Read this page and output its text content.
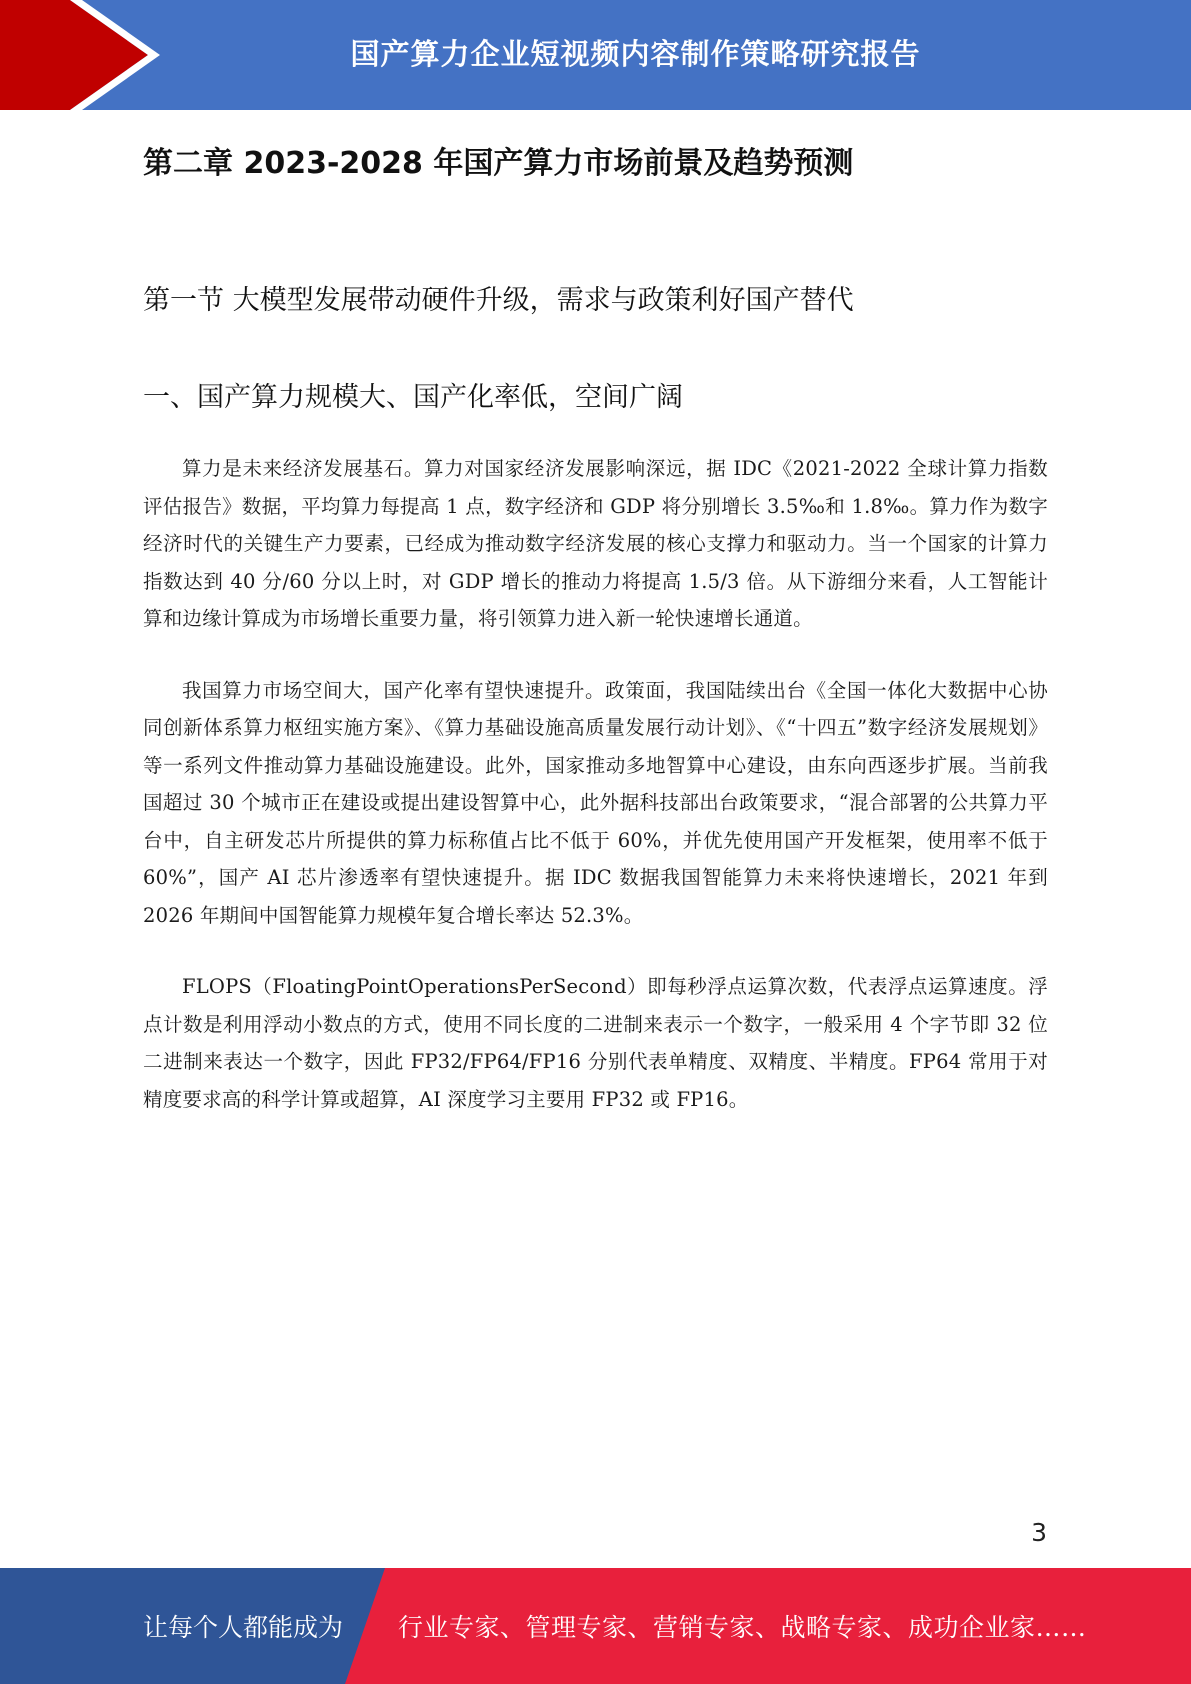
国产算力企业短视频内容制作策略研究报告
第二章 2023-2028 年国产算力市场前景及趋势预测
第一节 大模型发展带动硬件升级，需求与政策利好国产替代
一、国产算力规模大、国产化率低，空间广阔

算力是未来经济发展基石。算力对国家经济发展影响深远，据 IDC《2021-2022 全球计算力指数评估报告》数据，平均算力每提高 1 点，数字经济和 GDP 将分别增长 3.5‰和 1.8‰。算力作为数字经济时代的关键生产力要素，已经成为推动数字经济发展的核心支撑力和驱动力。当一个国家的计算力指数达到 40 分/60 分以上时，对 GDP 增长的推动力将提高 1.5/3 倍。从下游细分来看，人工智能计算和边缘计算成为市场增长重要力量，将引领算力进入新一轮快速增长通道。

我国算力市场空间大，国产化率有望快速提升。政策面，我国陆续出台《全国一体化大数据中心协同创新体系算力枢纽实施方案》、《算力基础设施高质量发展行动计划》、《“十四五”数字经济发展规划》等一系列文件推动算力基础设施建设。此外，国家推动多地智算中心建设，由东向西逐步扩展。当前我国超过 30 个城市正在建设或提出建设智算中心，此外据科技部出台政策要求，“混合部署的公共算力平台中，自主研发芯片所提供的算力标称值占比不低于 60%，并优先使用国产开发框架，使用率不低于 60%”，国产 AI 芯片渗透率有望快速提升。据 IDC 数据我国智能算力未来将快速增长，2021 年到 2026 年期间中国智能算力规模年复合增长率达 52.3%。

FLOPS（FloatingPointOperationsPerSecond）即每秒浮点运算次数，代表浮点运算速度。浮点计数是利用浮动小数点的方式，使用不同长度的二进制来表示一个数字，一般采用 4 个字节即 32 位二进制来表达一个数字，因此 FP32/FP64/FP16 分别代表单精度、双精度、半精度。FP64 常用于对精度要求高的科学计算或超算，AI 深度学习主要用 FP32 或 FP16。

3
让每个人都能成为 行业专家、管理专家、营销专家、战略专家、成功企业家……
